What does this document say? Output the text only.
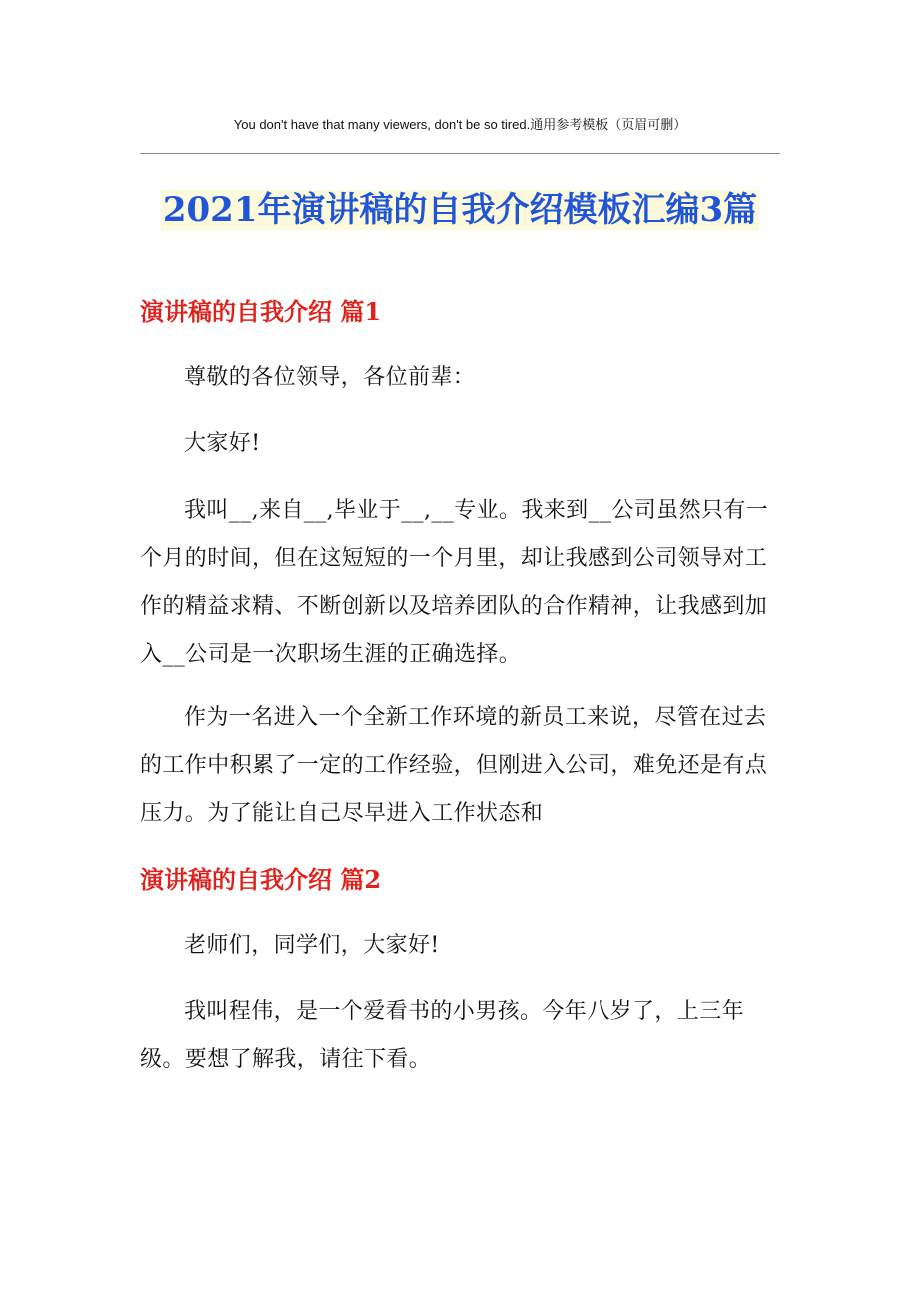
You don't have that many viewers, don't be so tired.通用参考模板（页眉可删）
2021年演讲稿的自我介绍模板汇编3篇
演讲稿的自我介绍 篇1

尊敬的各位领导，各位前辈：

大家好!

我叫__,来自__,毕业于__,__专业。我来到__公司虽然只有一个月的时间，但在这短短的一个月里，却让我感到公司领导对工作的精益求精、不断创新以及培养团队的合作精神，让我感到加入__公司是一次职场生涯的正确选择。

作为一名进入一个全新工作环境的新员工来说，尽管在过去的工作中积累了一定的工作经验，但刚进入公司，难免还是有点压力。为了能让自己尽早进入工作状态和

演讲稿的自我介绍 篇2

老师们，同学们，大家好!

我叫程伟，是一个爱看书的小男孩。今年八岁了，上三年级。要想了解我，请往下看。
